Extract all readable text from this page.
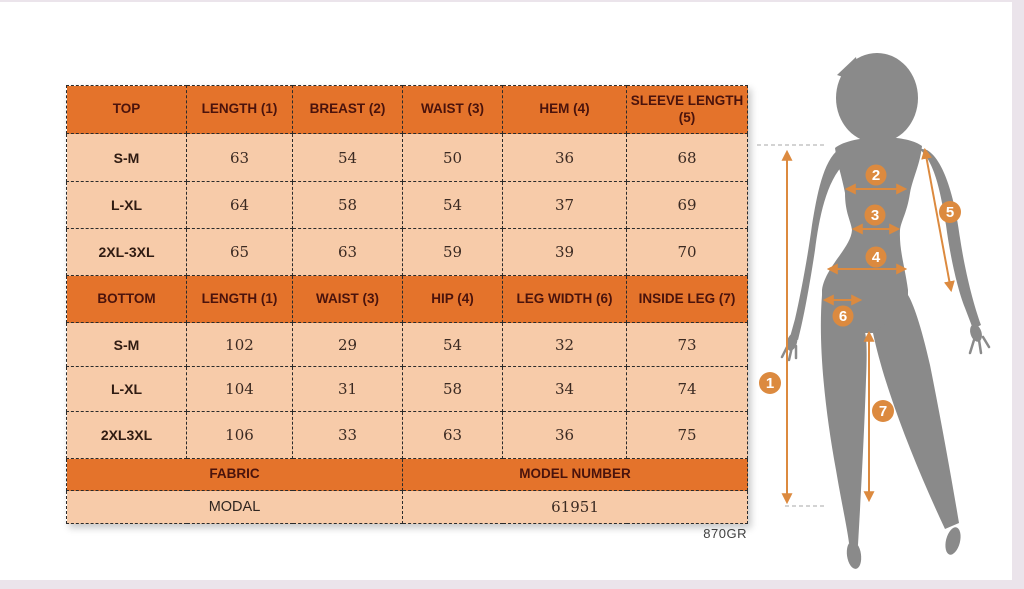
TOP	LENGTH (1)	BREAST (2)	WAIST (3)	HEM (4)	SLEEVE LENGTH (5)
S-M	63	54	50	36	68
L-XL	64	58	54	37	69
2XL-3XL	65	63	59	39	70
BOTTOM	LENGTH (1)	WAIST (3)	HIP (4)	LEG WIDTH (6)	INSIDE LEG (7)
S-M	102	29	54	32	73
L-XL	104	31	58	34	74
2XL3XL	106	33	63	36	75
FABRIC			MODEL NUMBER		
MODAL			61951		
870GR
1
2
3
4
5
6
7
